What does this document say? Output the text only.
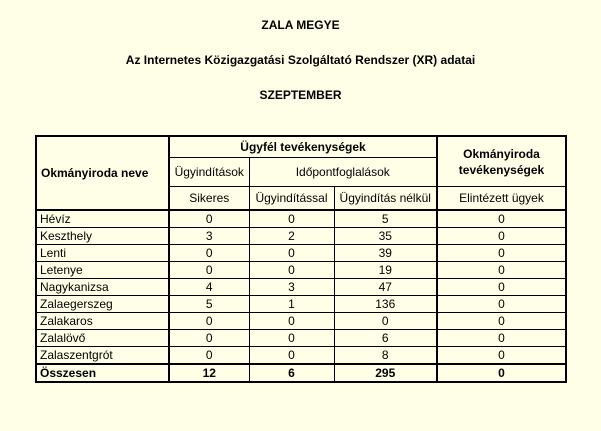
ZALA MEGYE
Az Internetes Közigazgatási Szolgáltató Rendszer (XR) adatai
SZEPTEMBER
Okmányiroda neve	Ügyfél tevékenységek			Okmányiroda tevékenységek
	Ügyindítások	Időpontfoglalások		
	Sikeres	Ügyindítással	Ügyindítás nélkül	Elintézett ügyek
Hévíz	0	0	5	0
Keszthely	3	2	35	0
Lenti	0	0	39	0
Letenye	0	0	19	0
Nagykanizsa	4	3	47	0
Zalaegerszeg	5	1	136	0
Zalakaros	0	0	0	0
Zalalövő	0	0	6	0
Zalaszentgrót	0	0	8	0
Összesen	12	6	295	0
